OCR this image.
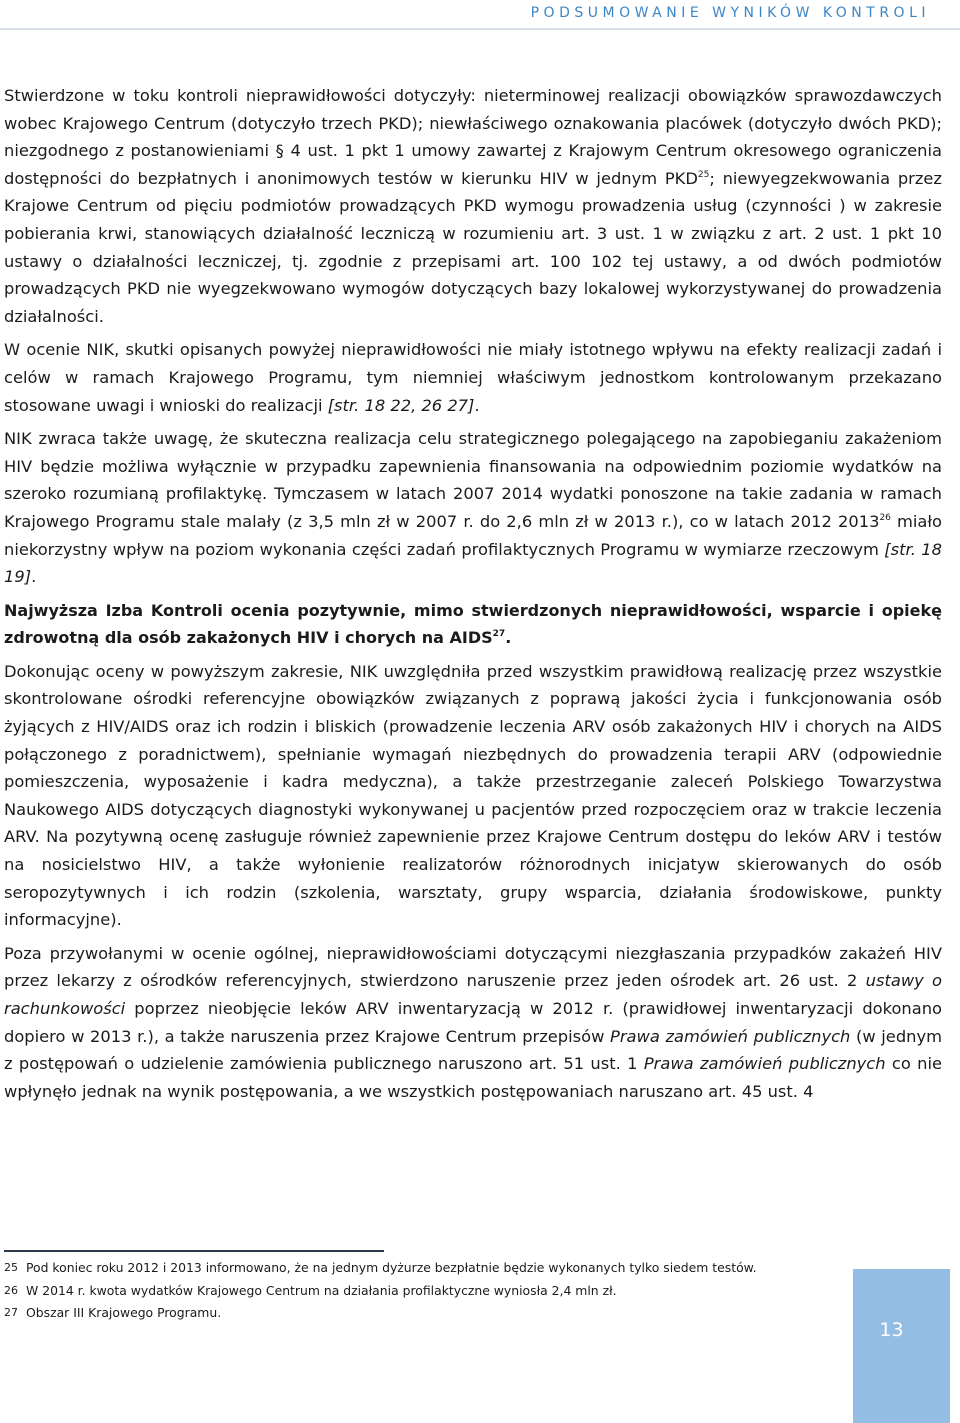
PODSUMOWANIE WYNIKÓW KONTROLI

Stwierdzone w toku kontroli nieprawidłowości dotyczyły: nieterminowej realizacji obowiązków sprawozdawczych wobec Krajowego Centrum (dotyczyło trzech PKD); niewłaściwego oznakowania placówek (dotyczyło dwóch PKD); niezgodnego z postanowieniami § 4 ust. 1 pkt 1 umowy zawartej z Krajowym Centrum okresowego ograniczenia dostępności do bezpłatnych i anonimowych testów w kierunku HIV w jednym PKD$^{25}$; niewyegzekwowania przez Krajowe Centrum od pięciu podmiotów prowadzących PKD wymogu prowadzenia usług (czynności ) w zakresie pobierania krwi, stanowiących działalność leczniczą w rozumieniu art. 3 ust. 1 w związku z art. 2 ust. 1 pkt 10 ustawy o działalności leczniczej, tj. zgodnie z przepisami art. 100 102 tej ustawy, a od dwóch podmiotów prowadzących PKD nie wyegzekwowano wymogów dotyczących bazy lokalowej wykorzystywanej do prowadzenia działalności.

W ocenie NIK, skutki opisanych powyżej nieprawidłowości nie miały istotnego wpływu na efekty realizacji zadań i celów w ramach Krajowego Programu, tym niemniej właściwym jednostkom kontrolowanym przekazano stosowane uwagi i wnioski do realizacji [str. 18 22, 26 27].

NIK zwraca także uwagę, że skuteczna realizacja celu strategicznego polegającego na zapobieganiu zakażeniom HIV będzie możliwa wyłącznie w przypadku zapewnienia finansowania na odpowiednim poziomie wydatków na szeroko rozumianą profilaktykę. Tymczasem w latach 2007 2014 wydatki ponoszone na takie zadania w ramach Krajowego Programu stale malały (z 3,5 mln zł w 2007 r. do 2,6 mln zł w 2013 r.), co w latach 2012 2013$^{26}$ miało niekorzystny wpływ na poziom wykonania części zadań profilaktycznych Programu w wymiarze rzeczowym [str. 18 19].

Najwyższa Izba Kontroli ocenia pozytywnie, mimo stwierdzonych nieprawidłowości, wsparcie i opiekę zdrowotną dla osób zakażonych HIV i chorych na AIDS$^{27}$.

Dokonując oceny w powyższym zakresie, NIK uwzględniła przed wszystkim prawidłową realizację przez wszystkie skontrolowane ośrodki referencyjne obowiązków związanych z poprawą jakości życia i funkcjonowania osób żyjących z HIV/AIDS oraz ich rodzin i bliskich (prowadzenie leczenia ARV osób zakażonych HIV i chorych na AIDS połączonego z poradnictwem), spełnianie wymagań niezbędnych do prowadzenia terapii ARV (odpowiednie pomieszczenia, wyposażenie i kadra medyczna), a także przestrzeganie zaleceń Polskiego Towarzystwa Naukowego AIDS dotyczących diagnostyki wykonywanej u pacjentów przed rozpoczęciem oraz w trakcie leczenia ARV. Na pozytywną ocenę zasługuje również zapewnienie przez Krajowe Centrum dostępu do leków ARV i testów na nosicielstwo HIV, a także wyłonienie realizatorów różnorodnych inicjatyw skierowanych do osób seropozytywnych i ich rodzin (szkolenia, warsztaty, grupy wsparcia, działania środowiskowe, punkty informacyjne).

Poza przywołanymi w ocenie ogólnej, nieprawidłowościami dotyczącymi niezgłaszania przypadków zakażeń HIV przez lekarzy z ośrodków referencyjnych, stwierdzono naruszenie przez jeden ośrodek art. 26 ust. 2 ustawy o rachunkowości poprzez nieobjęcie leków ARV inwentaryzacją w 2012 r. (prawidłowej inwentaryzacji dokonano dopiero w 2013 r.), a także naruszenia przez Krajowe Centrum przepisów Prawa zamówień publicznych (w jednym z postępowań o udzielenie zamówienia publicznego naruszono art. 51 ust. 1 Prawa zamówień publicznych co nie wpłynęło jednak na wynik postępowania, a we wszystkich postępowaniach naruszano art. 45 ust. 4

25 Pod koniec roku 2012 i 2013 informowano, że na jednym dyżurze bezpłatnie będzie wykonanych tylko siedem testów.
26 W 2014 r. kwota wydatków Krajowego Centrum na działania profilaktyczne wyniosła 2,4 mln zł.
27 Obszar III Krajowego Programu.
13
